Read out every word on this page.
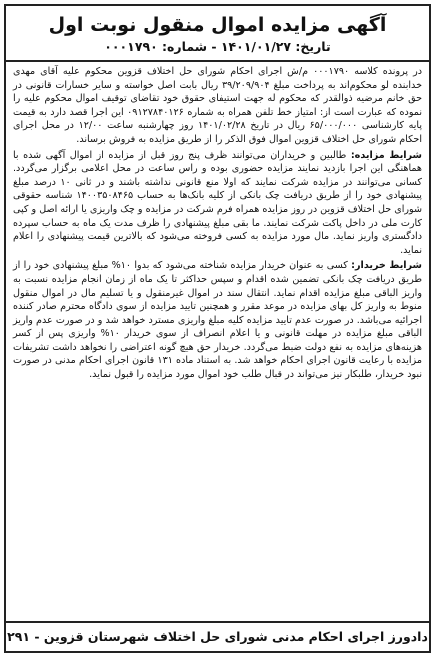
آگهی مزایده اموال منقول نوبت اول
تاریخ: ۱۴۰۱/۰۱/۲۷ - شماره: ۰۰۰۱۷۹۰

در پرونده کلاسه ۰۰۰۱۷۹۰ م/ش اجرای احکام شورای حل اختلاف قزوین محکوم علیه آقای مهدی خدابنده لو محکوم‌اند به پرداخت مبلغ ۳۹/۲۰۹/۹۰۴ ریال بابت اصل خواسته و سایر خسارات قانونی در حق خانم مرضیه ذوالقدر که محکوم له جهت استیفای حقوق خود تقاضای توقیف اموال محکوم علیه را نموده که عبارت است از: امتیاز خط تلفن همراه به شماره ۰۹۱۲۷۸۴۰۱۲۶ این اجرا قصد دارد به قیمت پایه کارشناسی ۶۵/۰۰۰/۰۰۰ ریال در تاریخ ۱۴۰۱/۰۲/۲۸ روز چهارشنبه ساعت ۱۲/۰۰ در محل اجرای احکام شورای حل اختلاف قزوین اموال فوق الذکر را از طریق مزایده به فروش برساند.

شرایط مزایده: طالبین و خریداران می‌توانند ظرف پنج روز قبل از مزایده از اموال آگهی شده با هماهنگی این اجرا بازدید نمایند مزایده حضوری بوده و راس ساعت در محل اعلامی برگزار می‌گردد. کسانی می‌توانند در مزایده شرکت نمایند که اولا منع قانونی نداشته باشند و در ثانی ۱۰ درصد مبلغ پیشنهادی خود را از طریق دریافت چک بانکی از کلیه بانک‌ها به حساب ۱۴۰۰۳۵۰۸۴۶۵ شناسه حقوقی شورای حل اختلاف قزوین در روز مزایده همراه فرم شرکت در مزایده و چک واریزی یا ارائه اصل و کپی کارت ملی در داخل پاکت شرکت نمایند. ما بقی مبلغ پیشنهادی را ظرف مدت یک ماه به حساب سپرده دادگستری واریز نماید. مال مورد مزایده به کسی فروخته می‌شود که بالاترین قیمت پیشنهادی را اعلام نماید.

شرایط خریدار: کسی به عنوان خریدار مزایده شناخته می‌شود که بدوا ۱۰% مبلغ پیشنهادی خود را از طریق دریافت چک بانکی تضمین شده اقدام و سپس حداکثر تا یک ماه از زمان انجام مزایده نسبت به واریز الباقی مبلغ مزایده اقدام نماید. انتقال سند در اموال غیرمنقول و یا تسلیم مال در اموال منقول منوط به واریز کل بهای مزایده در موعد مقرر و همچنین تایید مزایده از سوی دادگاه محترم صادر کننده اجرائیه می‌باشد. در صورت عدم تایید مزایده کلیه مبلغ واریزی مسترد خواهد شد و در صورت عدم واریز الباقی مبلغ مزایده در مهلت قانونی و یا اعلام انصراف از سوی خریدار ۱۰% واریزی پس از کسر هزینه‌های مزایده به نفع دولت ضبط می‌گردد. خریدار حق هیچ گونه اعتراضی را نخواهد داشت تشریفات مزایده با رعایت قانون اجرای احکام خواهد شد. به استناد ماده ۱۳۱ قانون اجرای احکام مدنی در صورت نبود خریدار، طلبکار نیز می‌تواند در قبال طلب خود اموال مورد مزایده را قبول نماید.

دادورز اجرای احکام مدنی شورای حل اختلاف شهرستان قزوین - ۲۹۱
